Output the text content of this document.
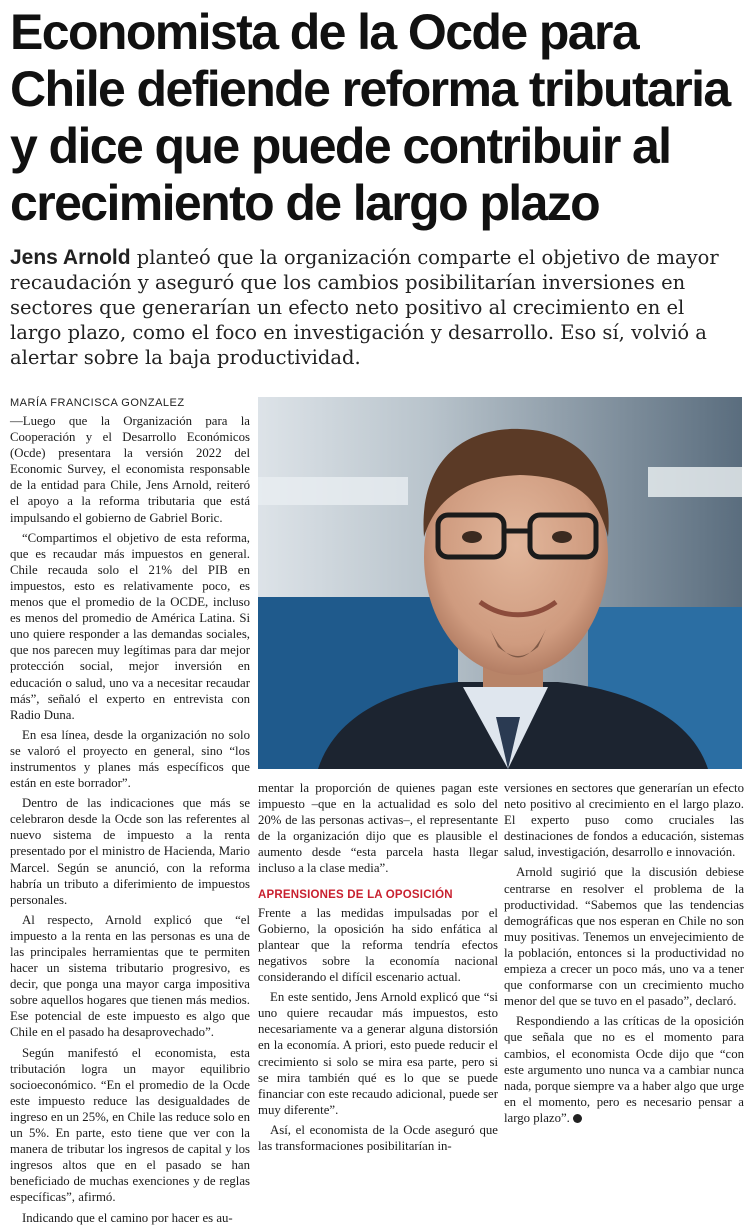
Economista de la Ocde para Chile defiende reforma tributaria y dice que puede contribuir al crecimiento de largo plazo

Jens Arnold planteó que la organización comparte el objetivo de mayor recaudación y aseguró que los cambios posibilitarían inversiones en sectores que generarían un efecto neto positivo al crecimiento en el largo plazo, como el foco en investigación y desarrollo. Eso sí, volvió a alertar sobre la baja productividad.

MARÍA FRANCISCA GONZALEZ

—Luego que la Organización para la Cooperación y el Desarrollo Económicos (Ocde) presentara la versión 2022 del Economic Survey, el economista responsable de la entidad para Chile, Jens Arnold, reiteró el apoyo a la reforma tributaria que está impulsando el gobierno de Gabriel Boric.

“Compartimos el objetivo de esta reforma, que es recaudar más impuestos en general. Chile recauda solo el 21% del PIB en impuestos, esto es relativamente poco, es menos que el promedio de la OCDE, incluso es menos del promedio de América Latina. Si uno quiere responder a las demandas sociales, que nos parecen muy legítimas para dar mejor protección social, mejor inversión en educación o salud, uno va a necesitar recaudar más”, señaló el experto en entrevista con Radio Duna.

En esa línea, desde la organización no solo se valoró el proyecto en general, sino “los instrumentos y planes más específicos que están en este borrador”.

Dentro de las indicaciones que más se celebraron desde la Ocde son las referentes al nuevo sistema de impuesto a la renta presentado por el ministro de Hacienda, Mario Marcel. Según se anunció, con la reforma habría un tributo a diferimiento de impuestos personales.

Al respecto, Arnold explicó que “el impuesto a la renta en las personas es una de las principales herramientas que te permiten hacer un sistema tributario progresivo, es decir, que ponga una mayor carga impositiva sobre aquellos hogares que tienen más medios. Ese potencial de este impuesto es algo que Chile en el pasado ha desaprovechado”.

Según manifestó el economista, esta tributación logra un mayor equilibrio socioeconómico. “En el promedio de la Ocde este impuesto reduce las desigualdades de ingreso en un 25%, en Chile las reduce solo en un 5%. En parte, esto tiene que ver con la manera de tributar los ingresos de capital y los ingresos altos que en el pasado se han beneficiado de muchas exenciones y de reglas específicas”, afirmó.

Indicando que el camino por hacer es au-

mentar la proporción de quienes pagan este impuesto –que en la actualidad es solo del 20% de las personas activas–, el representante de la organización dijo que es plausible el aumento desde “esta parcela hasta llegar incluso a la clase media”.

APRENSIONES DE LA OPOSICIÓN

Frente a las medidas impulsadas por el Gobierno, la oposición ha sido enfática al plantear que la reforma tendría efectos negativos sobre la economía nacional considerando el difícil escenario actual.

En este sentido, Jens Arnold explicó que “si uno quiere recaudar más impuestos, esto necesariamente va a generar alguna distorsión en la economía. A priori, esto puede reducir el crecimiento si solo se mira esa parte, pero si se mira también qué es lo que se puede financiar con este recaudo adicional, puede ser muy diferente”.

Así, el economista de la Ocde aseguró que las transformaciones posibilitarían in-

versiones en sectores que generarían un efecto neto positivo al crecimiento en el largo plazo. El experto puso como cruciales las destinaciones de fondos a educación, sistemas salud, investigación, desarrollo e innovación.

Arnold sugirió que la discusión debiese centrarse en resolver el problema de la productividad. “Sabemos que las tendencias demográficas que nos esperan en Chile no son muy positivas. Tenemos un envejecimiento de la población, entonces si la productividad no empieza a crecer un poco más, uno va a tener que conformarse con un crecimiento mucho menor del que se tuvo en el pasado”, declaró.

Respondiendo a las críticas de la oposición que señala que no es el momento para cambios, el economista Ocde dijo que “con este argumento uno nunca va a cambiar nunca nada, porque siempre va a haber algo que urge en el momento, pero es necesario pensar a largo plazo”.
